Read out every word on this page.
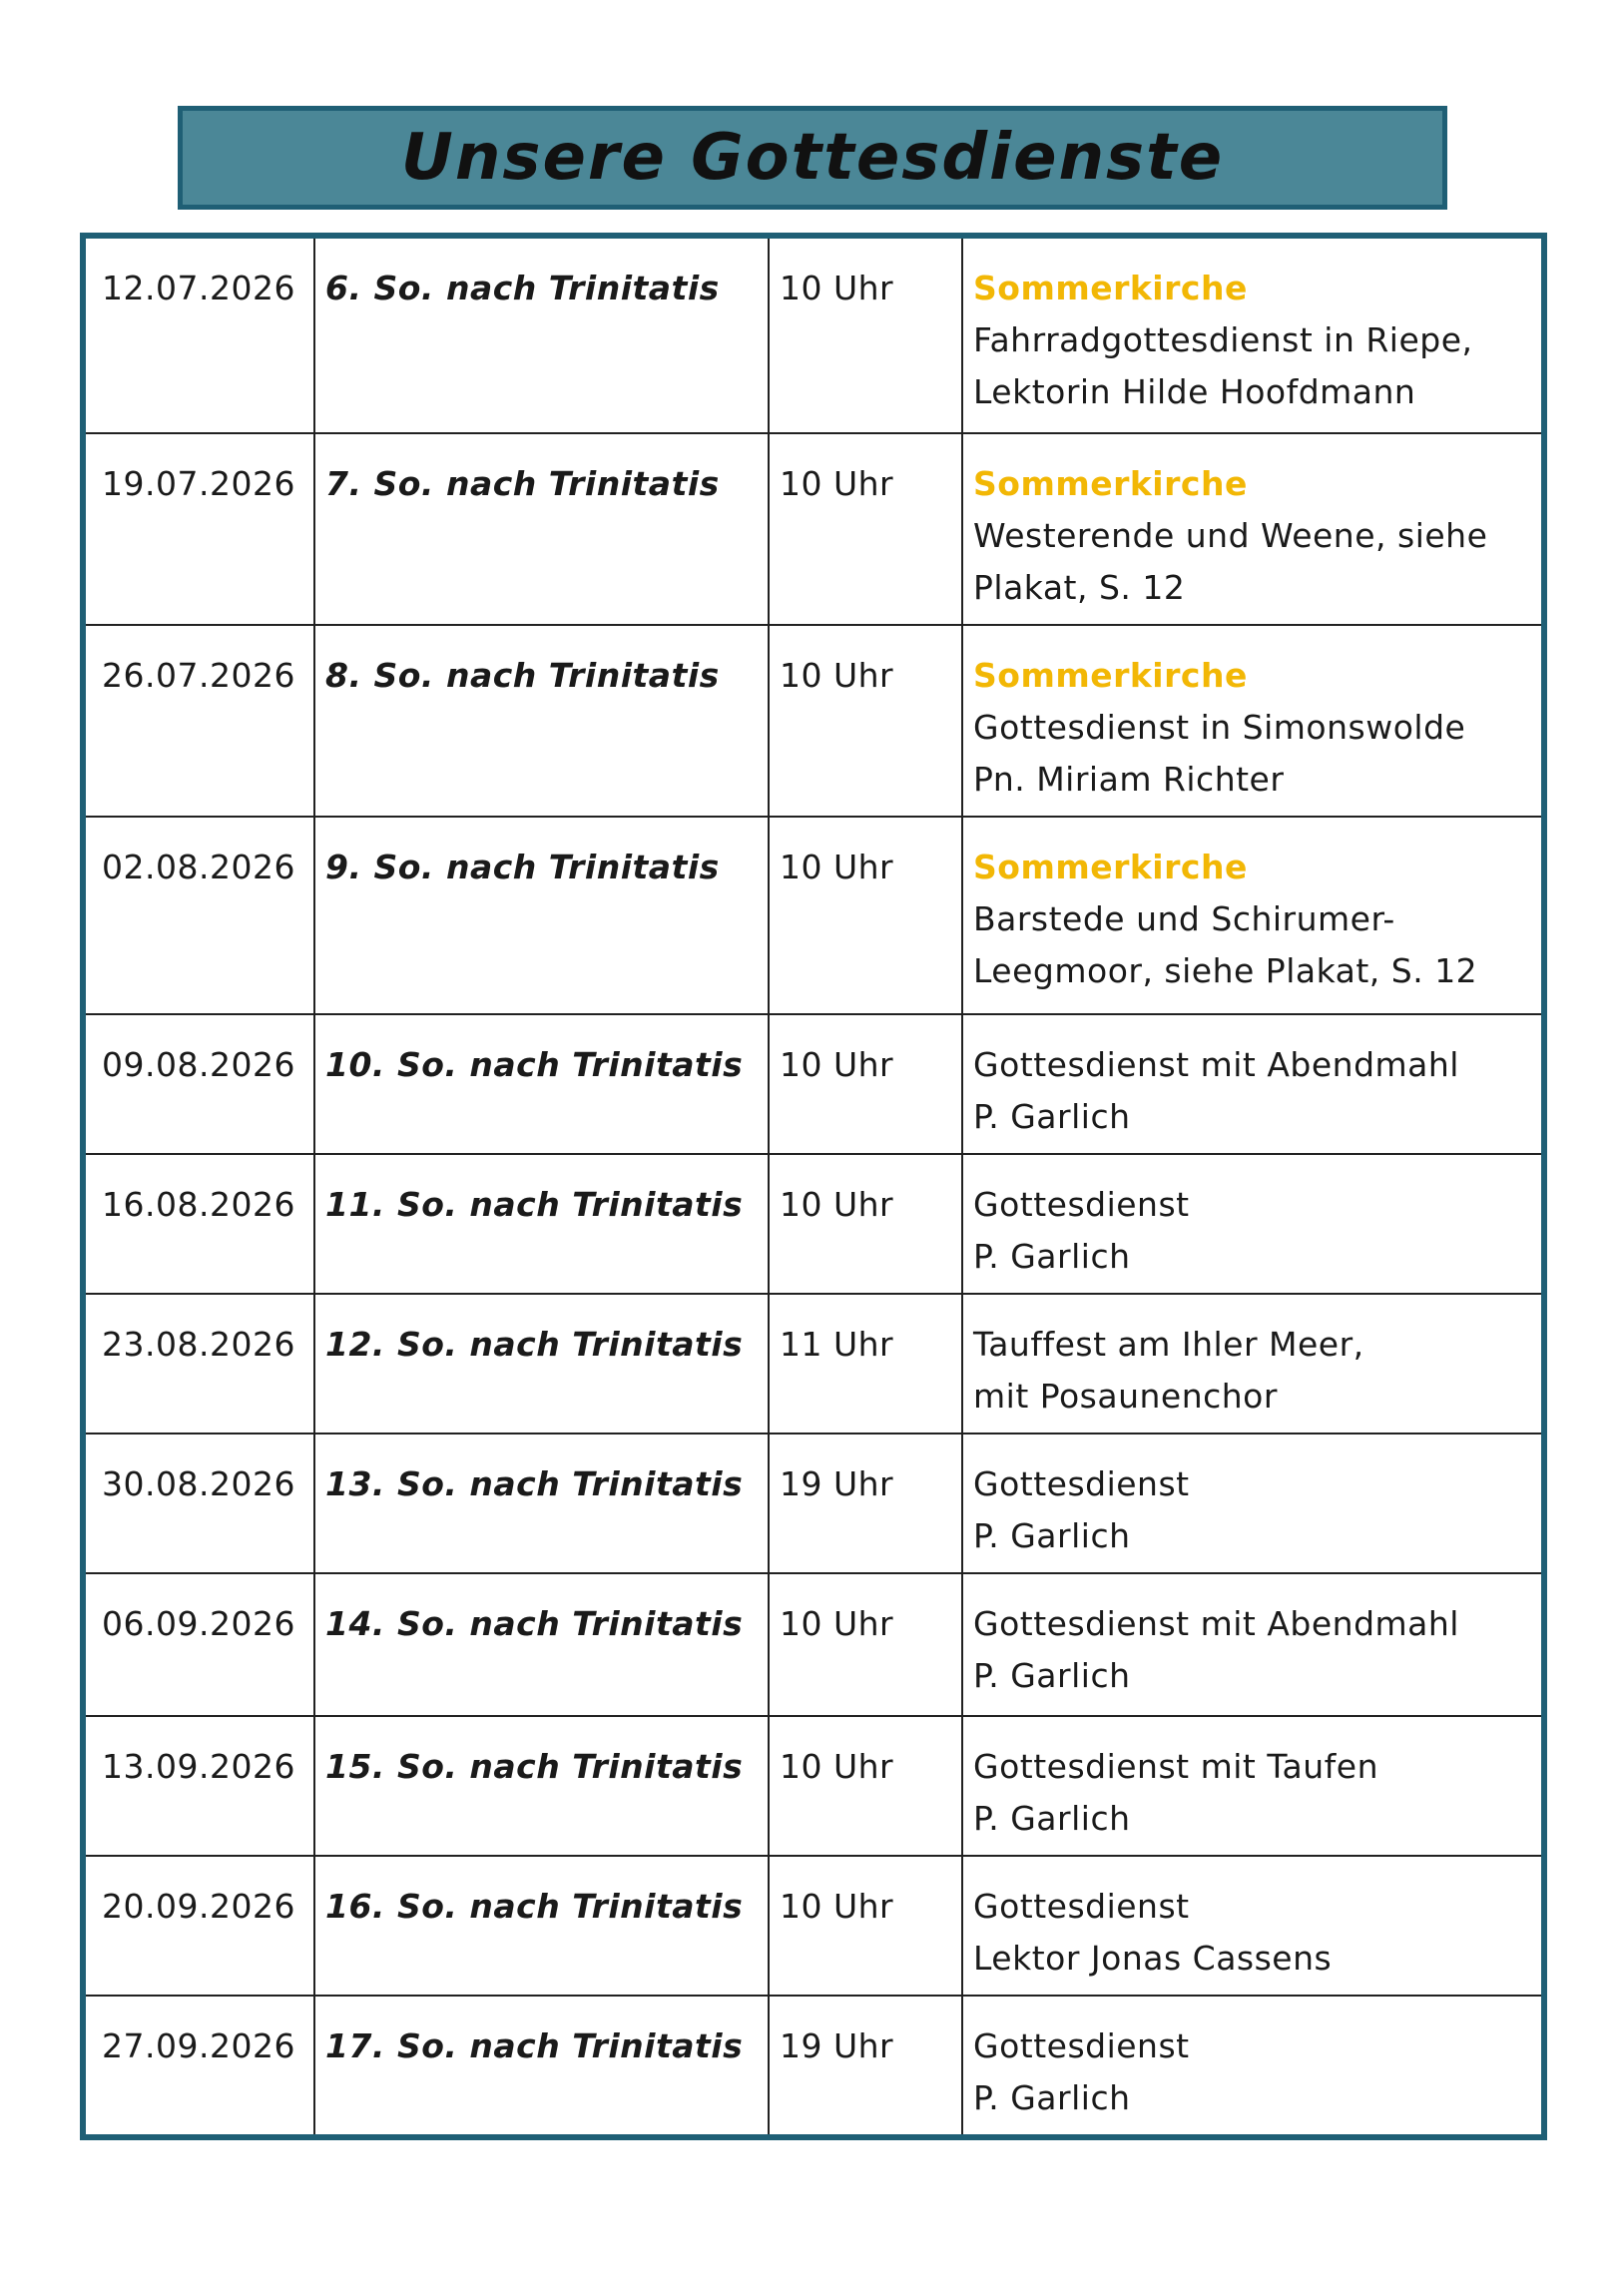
Unsere Gottesdienste
12.07.2026	6. So. nach Trinitatis	10 Uhr	Sommerkirche
Fahrradgottesdienst in Riepe,
Lektorin Hilde Hoofdmann

19.07.2026	7. So. nach Trinitatis	10 Uhr	Sommerkirche
Westerende und Weene, siehe
Plakat, S. 12

26.07.2026	8. So. nach Trinitatis	10 Uhr	Sommerkirche
Gottesdienst in Simonswolde
Pn. Miriam Richter

02.08.2026	9. So. nach Trinitatis	10 Uhr	Sommerkirche
Barstede und Schirumer-
Leegmoor, siehe Plakat, S. 12

09.08.2026	10. So. nach Trinitatis	10 Uhr	Gottesdienst mit Abendmahl
P. Garlich

16.08.2026	11. So. nach Trinitatis	10 Uhr	Gottesdienst
P. Garlich

23.08.2026	12. So. nach Trinitatis	11 Uhr	Tauffest am Ihler Meer,
mit Posaunenchor

30.08.2026	13. So. nach Trinitatis	19 Uhr	Gottesdienst
P. Garlich

06.09.2026	14. So. nach Trinitatis	10 Uhr	Gottesdienst mit Abendmahl
P. Garlich

13.09.2026	15. So. nach Trinitatis	10 Uhr	Gottesdienst mit Taufen
P. Garlich

20.09.2026	16. So. nach Trinitatis	10 Uhr	Gottesdienst
Lektor Jonas Cassens

27.09.2026	17. So. nach Trinitatis	19 Uhr	Gottesdienst
P. Garlich
